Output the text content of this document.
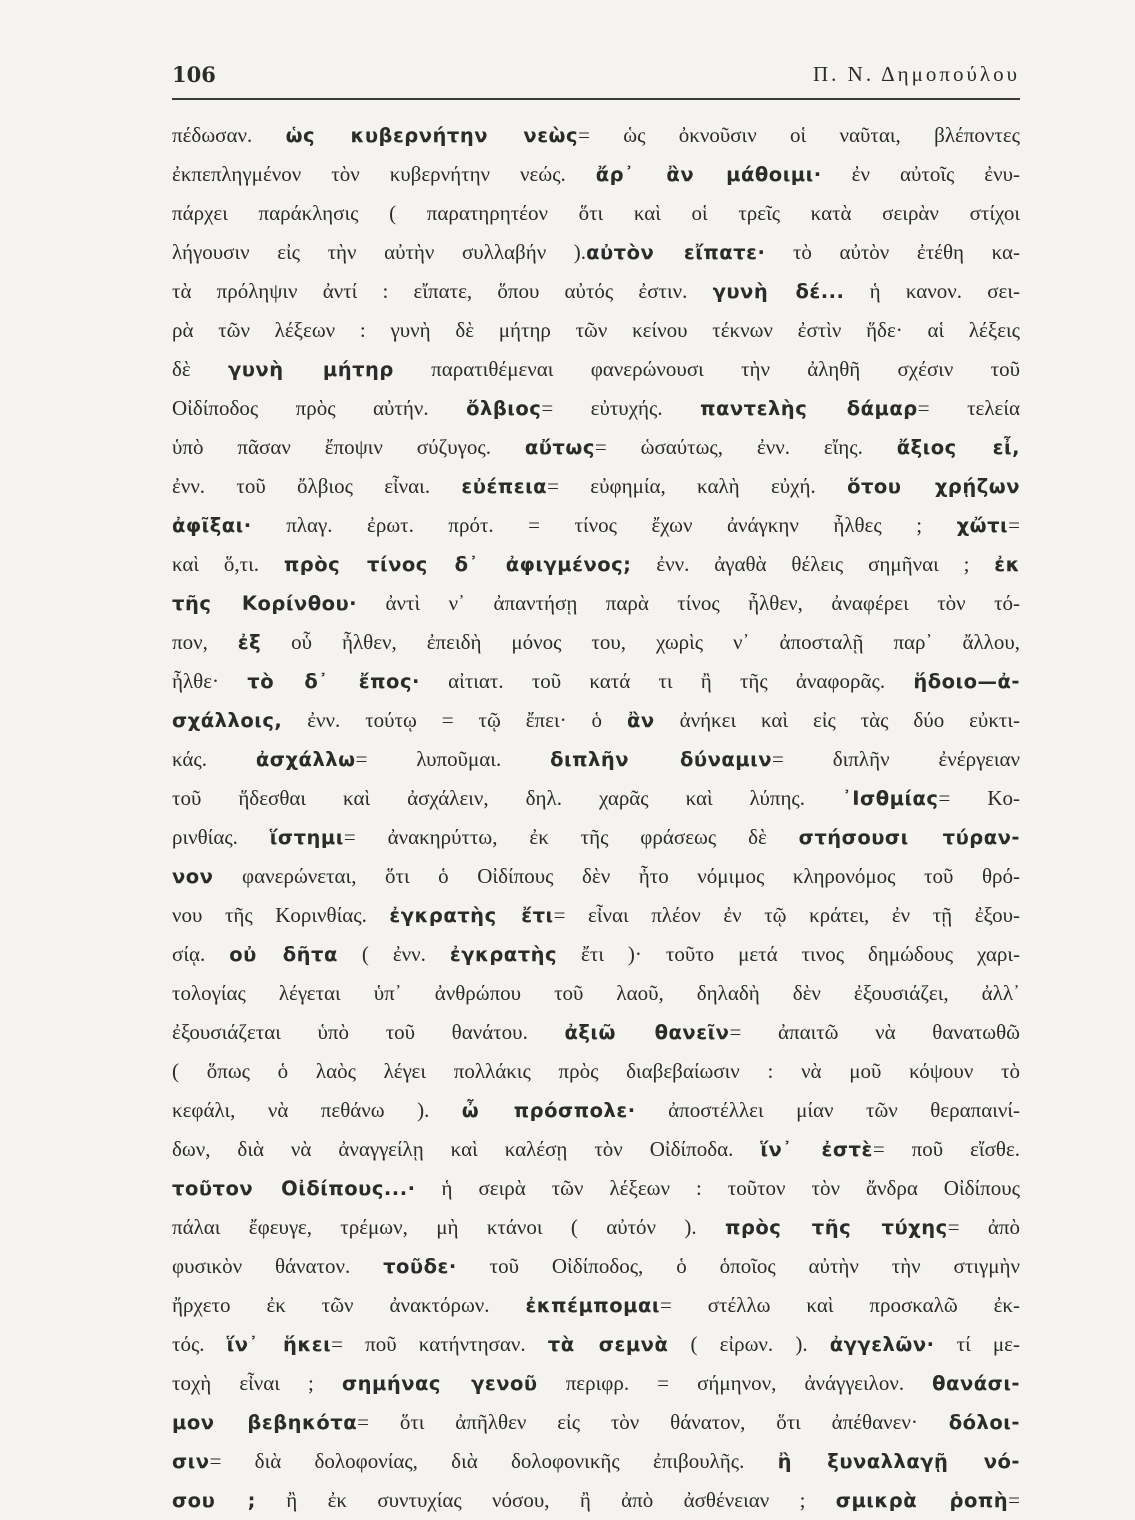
106	Π. Ν. Δημοπούλου
πέδωσαν. ὡς κυβερνήτην νεὼς= ὡς ὀκνοῦσιν οἱ ναῦται, βλέποντες
ἐκπεπληγμένον τὸν κυβερνήτην νεώς. ἄρ᾽ ἂν μάθοιμι· ἐν αὐτοῖς ἐνυ-
πάρχει παράκλησις ( παρατηρητέον ὅτι καὶ οἱ τρεῖς κατὰ σειρὰν στίχοι
λήγουσιν εἰς τὴν αὐτὴν συλλαβήν ).αὐτὸν εἴπατε· τὸ αὐτὸν ἐτέθη κα-
τὰ πρόληψιν ἀντί : εἴπατε, ὅπου αὐτός ἐστιν. γυνὴ δέ... ἡ κανον. σει-
ρὰ τῶν λέξεων : γυνὴ δὲ μήτηρ τῶν κείνου τέκνων ἐστὶν ἥδε· αἱ λέξεις
δὲ γυνὴ μήτηρ παρατιθέμεναι φανερώνουσι τὴν ἀληθῆ σχέσιν τοῦ
Οἰδίποδος πρὸς αὐτήν. ὄλβιος= εὐτυχής. παντελὴς δάμαρ= τελεία
ὑπὸ πᾶσαν ἔποψιν σύζυγος. αὔτως= ὡσαύτως, ἐνν. εἴης. ἄξιος εἶ,
ἐνν. τοῦ ὄλβιος εἶναι. εὐέπεια= εὐφημία, καλὴ εὐχή. ὅτου χρῄζων
ἀφῖξαι· πλαγ. ἐρωτ. πρότ. = τίνος ἔχων ἀνάγκην ἦλθες ; χὤτι=
καὶ ὅ,τι. πρὸς τίνος δ᾽ ἀφιγμένος; ἐνν. ἀγαθὰ θέλεις σημῆναι ; ἐκ
τῆς Κορίνθου· ἀντὶ ν᾽ ἀπαντήσῃ παρὰ τίνος ἦλθεν, ἀναφέρει τὸν τό-
πον, ἐξ οὗ ἦλθεν, ἐπειδὴ μόνος του, χωρὶς ν᾽ ἀποσταλῇ παρ᾽ ἄλλου,
ἦλθε· τὸ δ᾽ ἔπος· αἰτιατ. τοῦ κατά τι ἢ τῆς ἀναφορᾶς. ἥδοιο—ἀ-
σχάλλοις, ἐνν. τούτῳ = τῷ ἔπει· ὁ ἂν ἀνήκει καὶ εἰς τὰς δύο εὐκτι-
κάς. ἀσχάλλω= λυποῦμαι. διπλῆν δύναμιν= διπλῆν ἐνέργειαν
τοῦ ἥδεσθαι καὶ ἀσχάλειν, δηλ. χαρᾶς καὶ λύπης. ᾿Ισθμίας= Κο-
ρινθίας. ἵστημι= ἀνακηρύττω, ἐκ τῆς φράσεως δὲ στήσουσι τύραν-
νον φανερώνεται, ὅτι ὁ Οἰδίπους δὲν ἦτο νόμιμος κληρονόμος τοῦ θρό-
νου τῆς Κορινθίας. ἐγκρατὴς ἔτι= εἶναι πλέον ἐν τῷ κράτει, ἐν τῇ ἐξου-
σίᾳ. οὐ δῆτα ( ἐνν. ἐγκρατὴς ἔτι )· τοῦτο μετά τινος δημώδους χαρι-
τολογίας λέγεται ὑπ᾽ ἀνθρώπου τοῦ λαοῦ, δηλαδὴ δὲν ἐξουσιάζει, ἀλλ᾽
ἐξουσιάζεται ὑπὸ τοῦ θανάτου. ἀξιῶ θανεῖν= ἀπαιτῶ νὰ θανατωθῶ
( ὅπως ὁ λαὸς λέγει πολλάκις πρὸς διαβεβαίωσιν : νὰ μοῦ κόψουν τὸ
κεφάλι, νὰ πεθάνω ). ὦ πρόσπολε· ἀποστέλλει μίαν τῶν θεραπαινί-
δων, διὰ νὰ ἀναγγείλῃ καὶ καλέσῃ τὸν Οἰδίποδα. ἵν᾽ ἐστὲ= ποῦ εἴσθε.
τοῦτον Οἰδίπους...· ἡ σειρὰ τῶν λέξεων : τοῦτον τὸν ἄνδρα Οἰδίπους
πάλαι ἔφευγε, τρέμων, μὴ κτάνοι ( αὐτόν ). πρὸς τῆς τύχης= ἀπὸ
φυσικὸν θάνατον. τοῦδε· τοῦ Οἰδίποδος, ὁ ὁποῖος αὐτὴν τὴν στιγμὴν
ἤρχετο ἐκ τῶν ἀνακτόρων. ἐκπέμπομαι= στέλλω καὶ προσκαλῶ ἐκ-
τός. ἵν᾽ ἥκει= ποῦ κατήντησαν. τὰ σεμνὰ ( εἰρων. ). ἀγγελῶν· τί με-
τοχὴ εἶναι ; σημήνας γενοῦ περιφρ. = σήμηνον, ἀνάγγειλον. θανάσι-
μον βεβηκότα= ὅτι ἀπῆλθεν εἰς τὸν θάνατον, ὅτι ἀπέθανεν· δόλοι-
σιν= διὰ δολοφονίας, διὰ δολοφονικῆς ἐπιβουλῆς. ἢ ξυναλλαγῇ νό-
σου ; ἢ ἐκ συντυχίας νόσου, ἢ ἀπὸ ἀσθένειαν ; σμικρὰ ῥοπὴ=
